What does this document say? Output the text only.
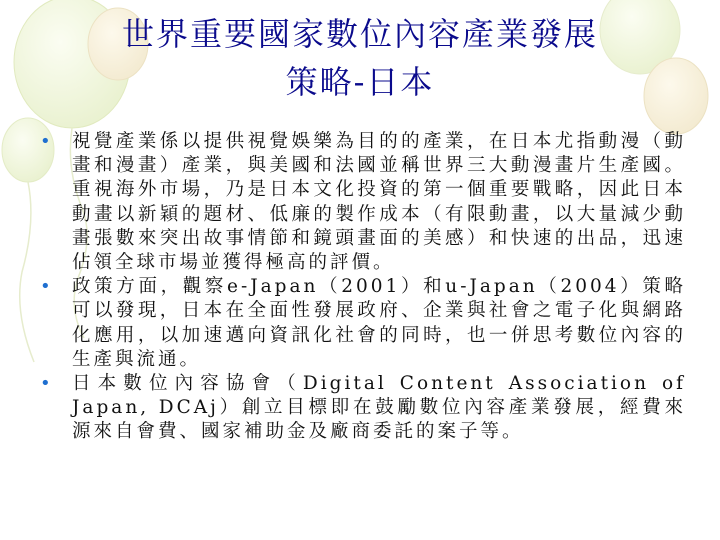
世界重要國家數位內容產業發展
策略-日本
• 視覺產業係以提供視覺娛樂為目的的產業，在日本尤指動漫（動畫和漫畫）產業，與美國和法國並稱世界三大動漫畫片生產國。重視海外市場，乃是日本文化投資的第一個重要戰略，因此日本動畫以新穎的題材、低廉的製作成本（有限動畫，以大量減少動畫張數來突出故事情節和鏡頭畫面的美感）和快速的出品，迅速佔領全球市場並獲得極高的評價。
• 政策方面，觀察e-Japan（2001）和u-Japan（2004）策略可以發現，日本在全面性發展政府、企業與社會之電子化與網路化應用，以加速邁向資訊化社會的同時，也一併思考數位內容的生產與流通。
• 日本數位內容協會（Digital Content Association of Japan, DCAj）創立目標即在鼓勵數位內容產業發展，經費來源來自會費、國家補助金及廠商委託的案子等。
